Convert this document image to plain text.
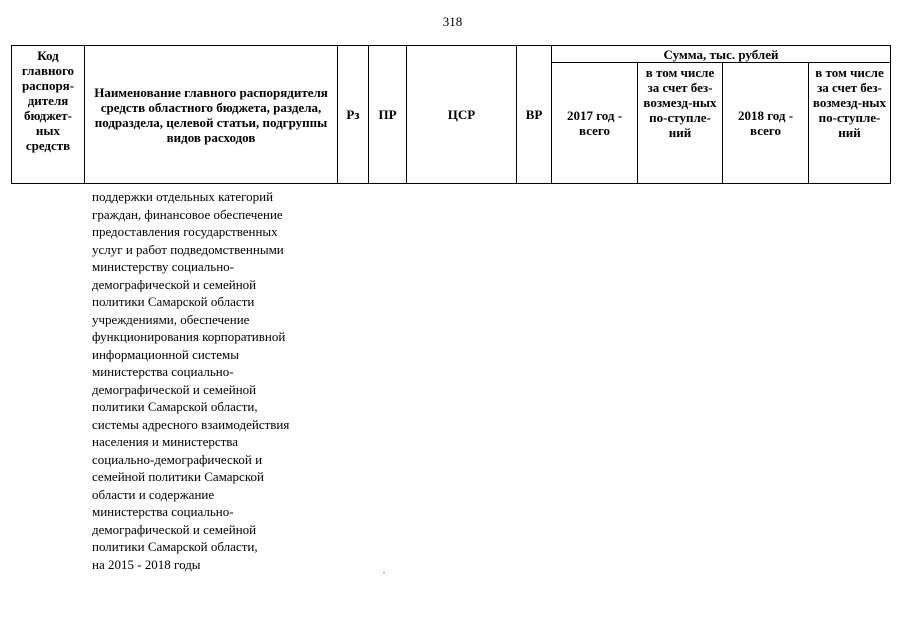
318
Код главного распоря-дителя бюджет-ных средств	Наименование главного распорядителя средств областного бюджета, раздела, подраздела, целевой статьи, подгруппы видов расходов	Рз	ПР	ЦСР	ВР	Сумма, тыс. рублей			
						2017 год - всего	в том числе за счет без-возмезд-ных по-ступле-ний	2018 год - всего	в том числе за счет без-возмезд-ных по-ступле-ний
поддержки отдельных категорий
граждан, финансовое обеспечение
предоставления государственных
услуг и работ подведомственными
министерству социально-
демографической и семейной
политики Самарской области
учреждениями, обеспечение
функционирования корпоративной
информационной системы
министерства социально-
демографической и семейной
политики Самарской области,
системы адресного взаимодействия
населения и министерства
социально-демографической и
семейной политики Самарской
области и содержание
министерства социально-
демографической и семейной
политики Самарской области,
на 2015 - 2018 годы
